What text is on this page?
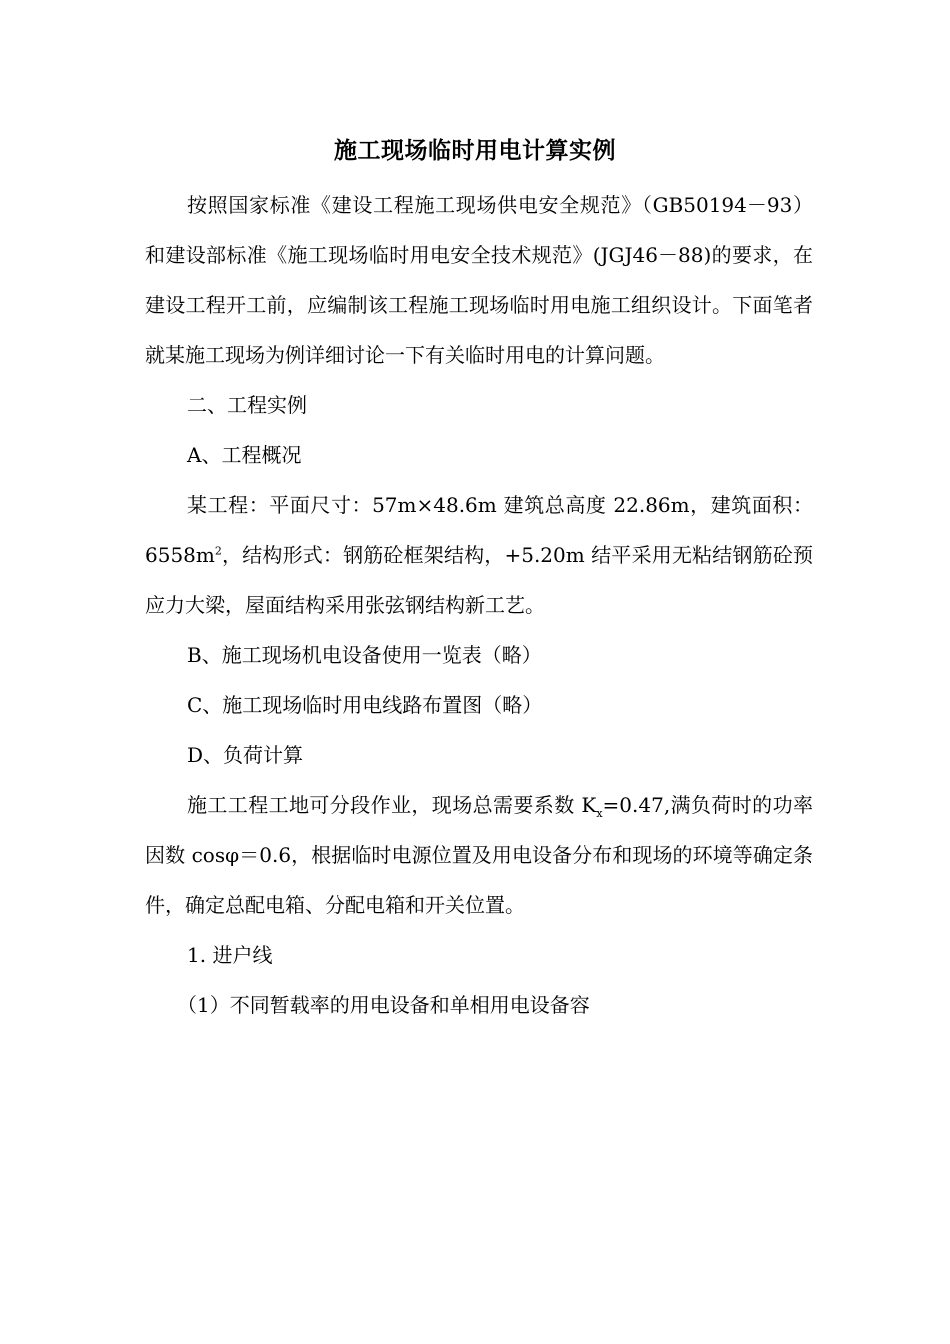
施工现场临时用电计算实例

按照国家标准《建设工程施工现场供电安全规范》（GB50194－93）和建设部标准《施工现场临时用电安全技术规范》(JGJ46－88)的要求，在建设工程开工前，应编制该工程施工现场临时用电施工组织设计。下面笔者就某施工现场为例详细讨论一下有关临时用电的计算问题。

二、工程实例

A、工程概况

某工程：平面尺寸：57m×48.6m 建筑总高度 22.86m，建筑面积：$6558m^2$，结构形式：钢筋砼框架结构，+5.20m 结平采用无粘结钢筋砼预应力大梁，屋面结构采用张弦钢结构新工艺。

B、施工现场机电设备使用一览表（略）

C、施工现场临时用电线路布置图（略）

D、负荷计算

施工工程工地可分段作业，现场总需要系数 $K_x=0.47$,满负荷时的功率因数 cosφ＝0.6，根据临时电源位置及用电设备分布和现场的环境等确定条件，确定总配电箱、分配电箱和开关位置。

1. 进户线

（1）不同暂载率的用电设备和单相用电设备容
